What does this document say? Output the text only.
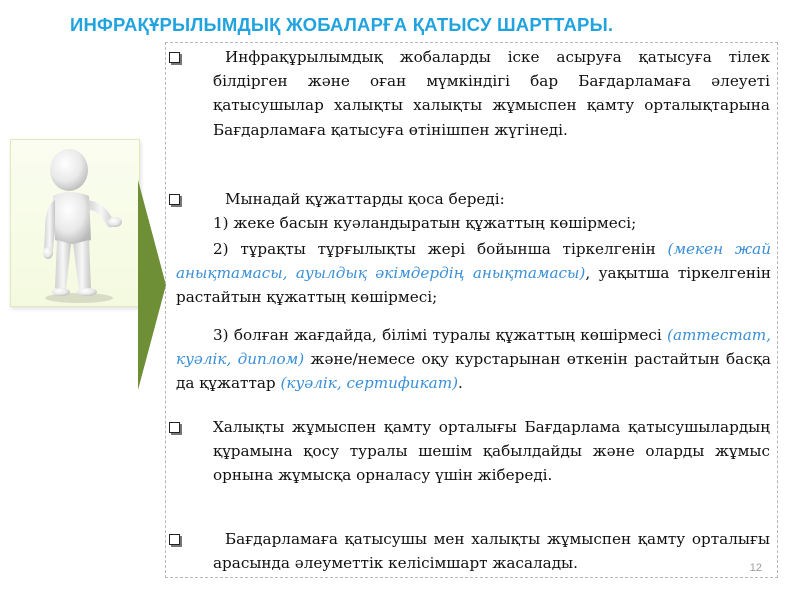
ИНФРАҚҰРЫЛЫМДЫҚ ЖОБАЛАРҒА ҚАТЫСУ ШАРТТАРЫ.
Инфрақұрылымдық жобаларды іске асыруға қатысуға тілек білдірген және оған мүмкіндігі бар Бағдарламаға әлеуеті қатысушылар халықты халықты жұмыспен қамту орталықтарына Бағдарламаға қатысуға өтінішпен жүгінеді.
Мынадай құжаттарды қоса береді:
1) жеке басын куәландыратын құжаттың көшірмесі;
2) тұрақты тұрғылықты жері бойынша тіркелгенін (мекен жай анықтамасы, ауылдық әкімдердің анықтамасы), уақытша тіркелгенін растайтын құжаттың көшірмесі;
3) болған жағдайда, білімі туралы құжаттың көшірмесі (аттестат, куәлік, диплом) және/немесе оқу курстарынан өткенін растайтын басқа да құжаттар (куәлік, сертификат).
Халықты жұмыспен қамту орталығы Бағдарлама қатысушылардың құрамына қосу туралы шешім қабылдайды және оларды жұмыс орнына жұмысқа орналасу үшін жібереді.
Бағдарламаға қатысушы мен халықты жұмыспен қамту орталығы арасында әлеуметтік келісімшарт жасалады.	12
